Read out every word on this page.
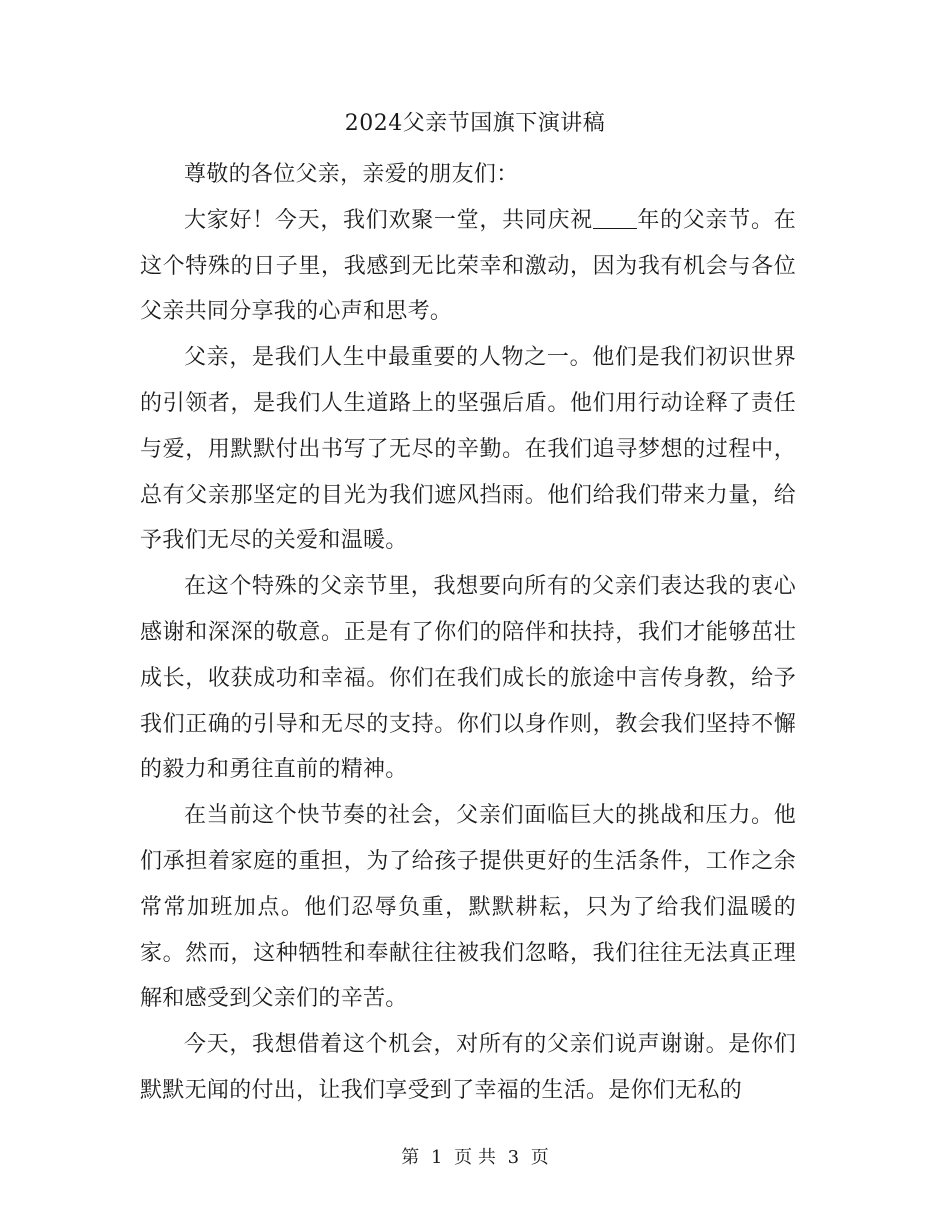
2024父亲节国旗下演讲稿

尊敬的各位父亲，亲爱的朋友们：

大家好！今天，我们欢聚一堂，共同庆祝 年的父亲节。在这个特殊的日子里，我感到无比荣幸和激动，因为我有机会与各位父亲共同分享我的心声和思考。

父亲，是我们人生中最重要的人物之一。他们是我们初识世界的引领者，是我们人生道路上的坚强后盾。他们用行动诠释了责任与爱，用默默付出书写了无尽的辛勤。在我们追寻梦想的过程中，总有父亲那坚定的目光为我们遮风挡雨。他们给我们带来力量，给予我们无尽的关爱和温暖。

在这个特殊的父亲节里，我想要向所有的父亲们表达我的衷心感谢和深深的敬意。正是有了你们的陪伴和扶持，我们才能够茁壮成长，收获成功和幸福。你们在我们成长的旅途中言传身教，给予我们正确的引导和无尽的支持。你们以身作则，教会我们坚持不懈的毅力和勇往直前的精神。

在当前这个快节奏的社会，父亲们面临巨大的挑战和压力。他们承担着家庭的重担，为了给孩子提供更好的生活条件，工作之余常常加班加点。他们忍辱负重，默默耕耘，只为了给我们温暖的家。然而，这种牺牲和奉献往往被我们忽略，我们往往无法真正理解和感受到父亲们的辛苦。

今天，我想借着这个机会，对所有的父亲们说声谢谢。是你们默默无闻的付出，让我们享受到了幸福的生活。是你们无私的

第 1 页 共 3 页
